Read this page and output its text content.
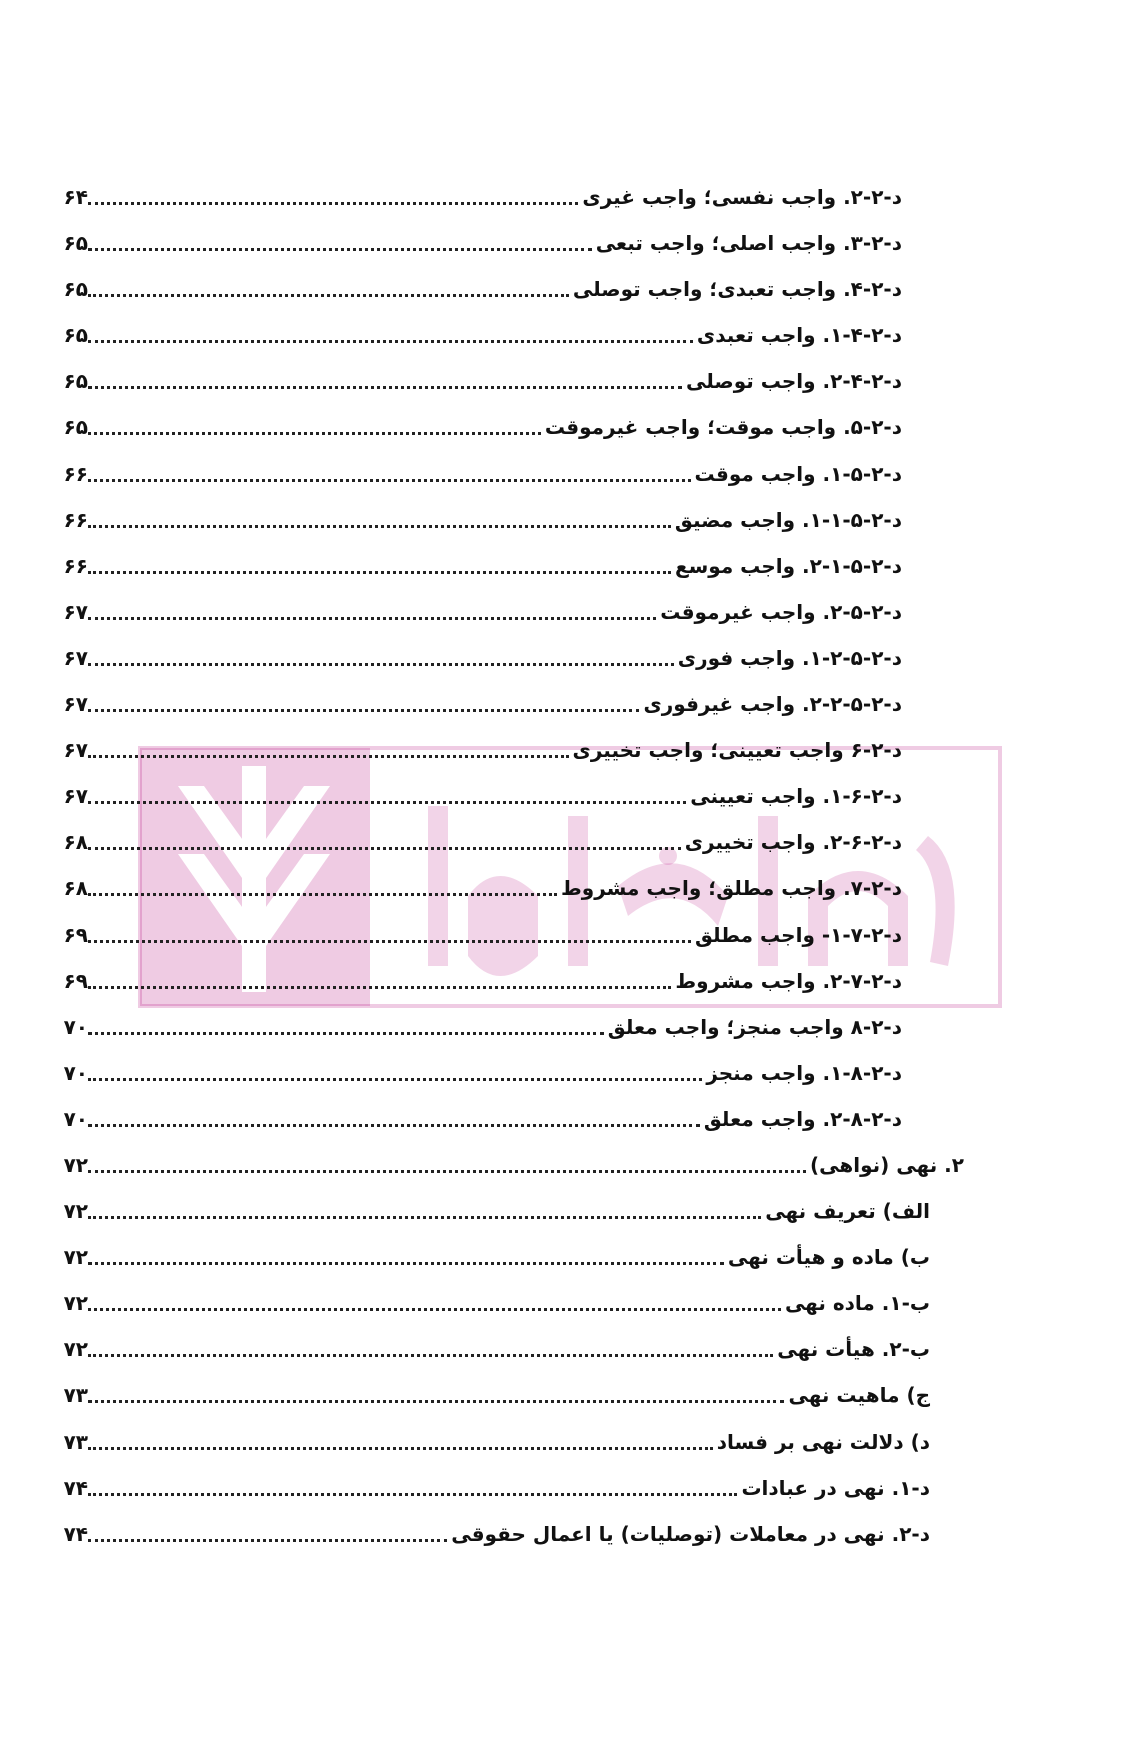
د-۲-۲. واجب نفسی؛ واجب غیری
۶۴
د-۲-۳. واجب اصلی؛ واجب تبعی
۶۵
د-۲-۴. واجب تعبدی؛ واجب توصلی
۶۵
د-۲-۴-۱. واجب تعبدی
۶۵
د-۲-۴-۲. واجب توصلی
۶۵
د-۲-۵. واجب موقت؛ واجب غیرموقت
۶۵
د-۲-۵-۱. واجب موقت
۶۶
د-۲-۵-۱-۱. واجب مضیق
۶۶
د-۲-۵-۱-۲. واجب موسع
۶۶
د-۲-۵-۲. واجب غیرموقت
۶۷
د-۲-۵-۲-۱. واجب فوری
۶۷
د-۲-۵-۲-۲. واجب غیرفوری
۶۷
د-۲-۶ واجب تعیینی؛ واجب تخییری
۶۷
د-۲-۶-۱. واجب تعیینی
۶۷
د-۲-۶-۲. واجب تخییری
۶۸
د-۲-۷. واجب مطلق؛ واجب مشروط
۶۸
د-۲-۷-۱- واجب مطلق
۶۹
د-۲-۷-۲. واجب مشروط
۶۹
د-۲-۸ واجب منجز؛ واجب معلق
۷۰
د-۲-۸-۱. واجب منجز
۷۰
د-۲-۸-۲. واجب معلق
۷۰
۲. نهی (نواهی)
۷۲
الف) تعریف نهی
۷۲
ب) ماده و هیأت نهی
۷۲
ب-۱. ماده نهی
۷۲
ب-۲. هیأت نهی
۷۲
ج) ماهیت نهی
۷۳
د) دلالت نهی بر فساد
۷۳
د-۱. نهی در عبادات
۷۴
د-۲. نهی در معاملات (توصلیات) یا اعمال حقوقی
۷۴
